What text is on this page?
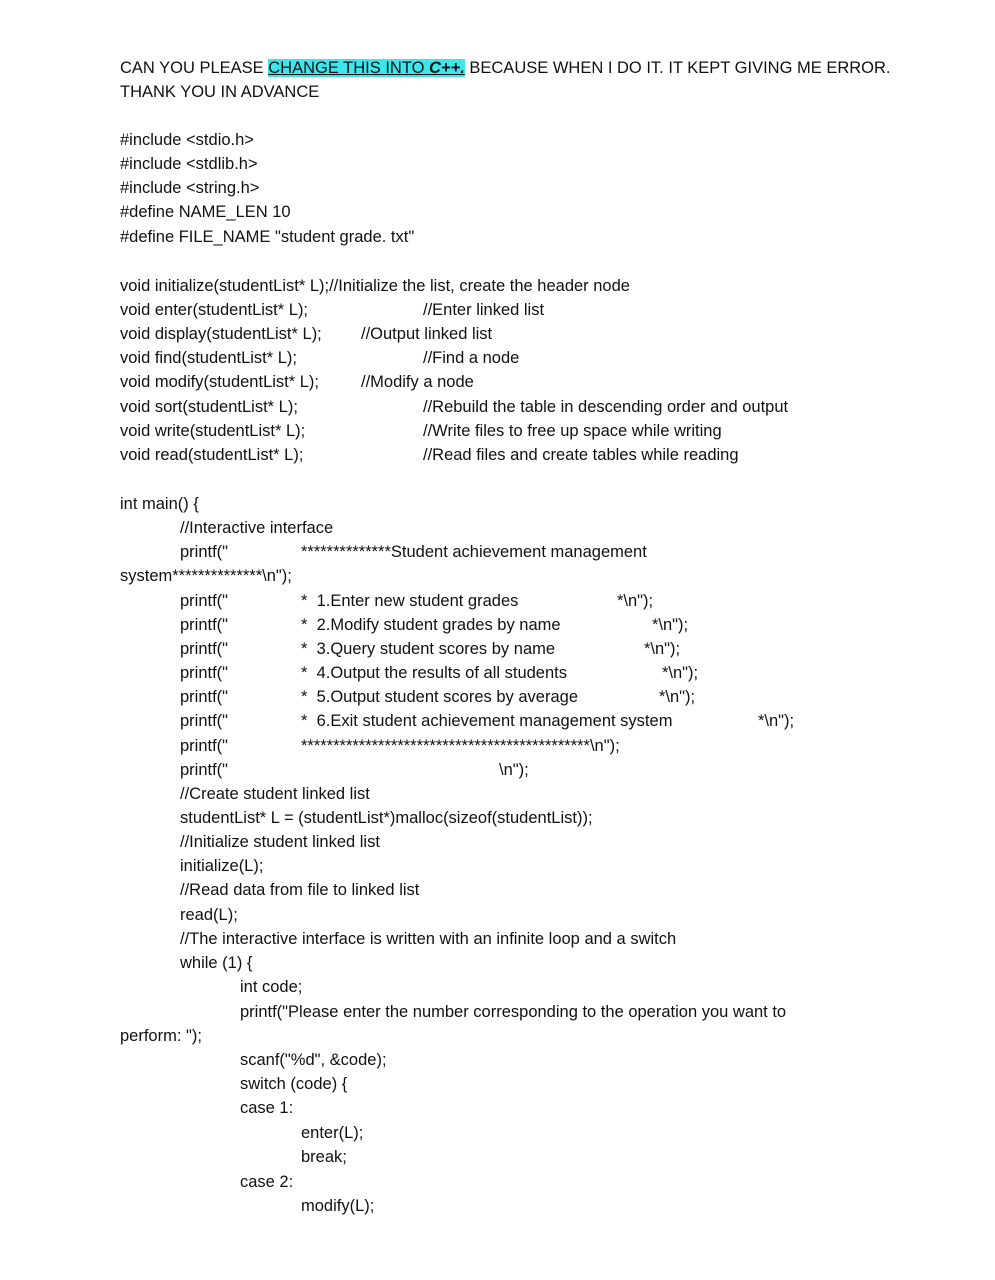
CAN YOU PLEASE CHANGE THIS INTO C++. BECAUSE WHEN I DO IT. IT KEPT GIVING ME ERROR.
THANK YOU IN ADVANCE
#include <stdio.h>
#include <stdlib.h>
#include <string.h>
#define NAME_LEN 10
#define FILE_NAME "student grade. txt"
void initialize(studentList* L);//Initialize the list, create the header node
void enter(studentList* L);	//Enter linked list
void display(studentList* L); //Output linked list
void find(studentList* L);	//Find a node
void modify(studentList* L);	//Modify a node
void sort(studentList* L);	//Rebuild the table in descending order and output
void write(studentList* L);	//Write files to free up space while writing
void read(studentList* L);	//Read files and create tables while reading
int main() {
//Interactive interface
printf("	**************Student achievement management
system**************\n");
printf("	*  1.Enter new student grades	*\n");
printf("	*  2.Modify student grades by name	*\n");
printf("	*  3.Query student scores by name	*\n");
printf("	*  4.Output the results of all students	*\n");
printf("	*  5.Output student scores by average	*\n");
printf("	*  6.Exit student achievement management system	*\n");
printf("	*********************************************\n");
printf("	\n");
//Create student linked list
studentList* L = (studentList*)malloc(sizeof(studentList));
//Initialize student linked list
initialize(L);
//Read data from file to linked list
read(L);
//The interactive interface is written with an infinite loop and a switch
while (1) {
int code;
printf("Please enter the number corresponding to the operation you want to
perform: ");
scanf("%d", &code);
switch (code) {
case 1:
enter(L);
break;
case 2:
modify(L);
